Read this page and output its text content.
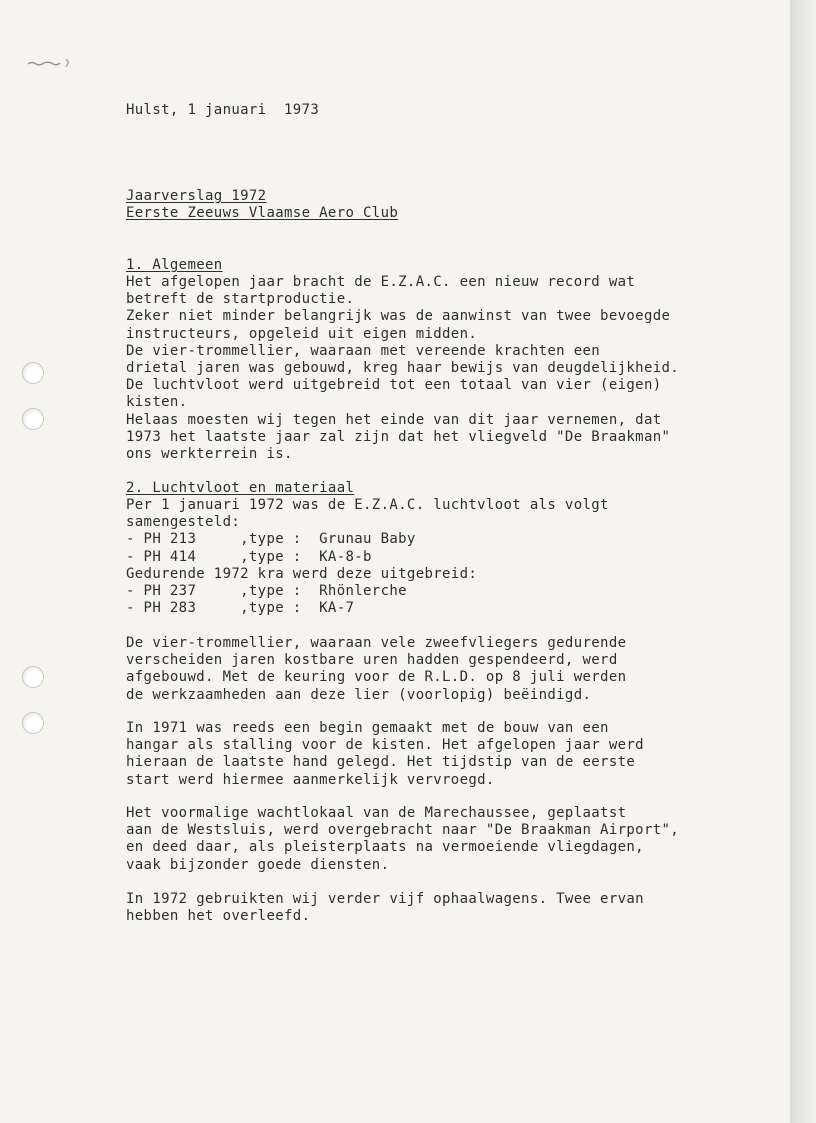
Hulst, 1 januari  1973
Jaarverslag 1972
Eerste Zeeuws Vlaamse Aero Club
1. Algemeen
Het afgelopen jaar bracht de E.Z.A.C. een nieuw record wat
betreft de startproductie.
Zeker niet minder belangrijk was de aanwinst van twee bevoegde
instructeurs, opgeleid uit eigen midden.
De vier-trommellier, waaraan met vereende krachten een
drietal jaren was gebouwd, kreg haar bewijs van deugdelijkheid.
De luchtvloot werd uitgebreid tot een totaal van vier (eigen)
kisten.
Helaas moesten wij tegen het einde van dit jaar vernemen, dat
1973 het laatste jaar zal zijn dat het vliegveld "De Braakman"
ons werkterrein is.
2. Luchtvloot en materiaal
Per 1 januari 1972 was de E.Z.A.C. luchtvloot als volgt
samengesteld:
- PH 213     ,type :  Grunau Baby
- PH 414     ,type :  KA-8-b
Gedurende 1972 kra werd deze uitgebreid:
- PH 237     ,type :  Rhönlerche
- PH 283     ,type :  KA-7
De vier-trommellier, waaraan vele zweefvliegers gedurende
verscheiden jaren kostbare uren hadden gespendeerd, werd
afgebouwd. Met de keuring voor de R.L.D. op 8 juli werden
de werkzaamheden aan deze lier (voorlopig) beëindigd.
In 1971 was reeds een begin gemaakt met de bouw van een
hangar als stalling voor de kisten. Het afgelopen jaar werd
hieraan de laatste hand gelegd. Het tijdstip van de eerste
start werd hiermee aanmerkelijk vervroegd.
Het voormalige wachtlokaal van de Marechaussee, geplaatst
aan de Westsluis, werd overgebracht naar "De Braakman Airport",
en deed daar, als pleisterplaats na vermoeiende vliegdagen,
vaak bijzonder goede diensten.
In 1972 gebruikten wij verder vijf ophaalwagens. Twee ervan
hebben het overleefd.
